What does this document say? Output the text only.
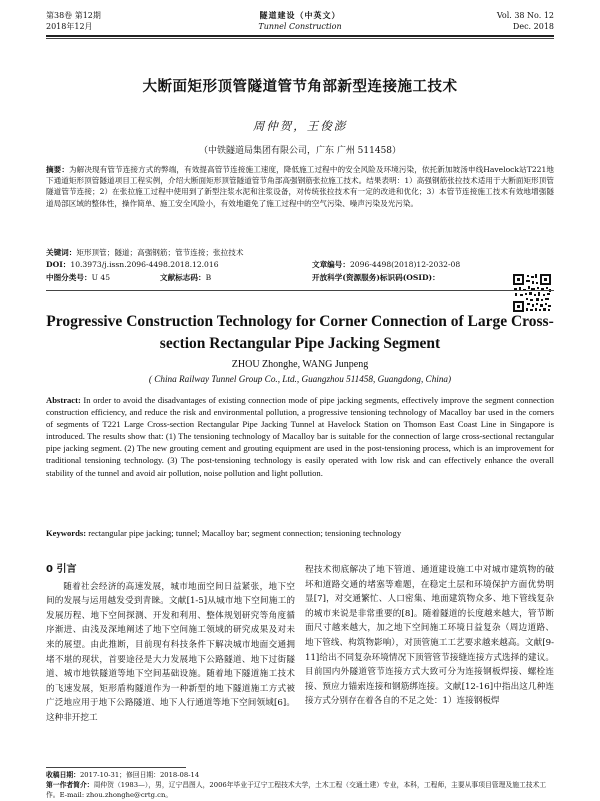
第38卷 第12期
2018年12月
隧道建设（中英文）
Tunnel Construction
Vol. 38 No. 12
Dec. 2018
大断面矩形顶管隧道管节角部新型连接施工技术
周仲贺，王俊澎
（中铁隧道局集团有限公司，广东 广州 511458）
摘要：为解决现有管节连接方式的弊端，有效提高管节连接施工速度，降低施工过程中的安全风险及环境污染，依托新加坡汤申线Havelock站T221地下通道矩形顶管隧道项目工程实例，介绍大断面矩形顶管隧道管节角部高强钢筋张拉施工技术。结果表明：1）高强钢筋张拉技术适用于大断面矩形顶管隧道管节连接；2）在张拉施工过程中使用到了新型注浆水泥和注浆设备，对传统张拉技术有一定的改进和优化；3）本管节连接施工技术有效地增强隧道局部区域的整体性，操作简单、施工安全风险小，有效地避免了施工过程中的空气污染、噪声污染及光污染。
关键词：矩形顶管；隧道；高强钢筋；管节连接；张拉技术
DOI：10.3973/j.issn.2096-4498.2018.12.016	文章编号：2096-4498(2018)12-2032-08
中图分类号：U 45	文献标志码：B	开放科学(资源服务)标识码(OSID)：
Progressive Construction Technology for Corner Connection of Large Cross-section Rectangular Pipe Jacking Segment
ZHOU Zhonghe, WANG Junpeng
( China Railway Tunnel Group Co., Ltd., Guangzhou 511458, Guangdong, China)
Abstract: In order to avoid the disadvantages of existing connection mode of pipe jacking segments, effectively improve the segment connection construction efficiency, and reduce the risk and environmental pollution, a progressive tensioning technology of Macalloy bar used in the corners of segments of T221 Large Cross-section Rectangular Pipe Jacking Tunnel at Havelock Station on Thomson East Coast Line in Singapore is introduced. The results show that: (1) The tensioning technology of Macalloy bar is suitable for the connection of large cross-sectional rectangular pipe jacking segment. (2) The new grouting cement and grouting equipment are used in the post-tensioning process, which is an improvement for traditional tensioning technology. (3) The post-tensioning technology is easily operated with low risk and can effectively enhance the overall stability of the tunnel and avoid air pollution, noise pollution and light pollution.
Keywords: rectangular pipe jacking; tunnel; Macalloy bar; segment connection; tensioning technology
0 引言

随着社会经济的高速发展，城市地面空间日益紧张，地下空间的发展与运用越发受到青睐。文献[1-5]从城市地下空间施工的发展历程、地下空间探测、开发和利用、整体规划研究等角度循序渐进、由浅及深地阐述了地下空间施工领域的研究成果及对未来的展望。由此推断，目前现有科技条件下解决城市地面交通拥堵不堪的现状，首要途径是大力发展地下公路隧道、地下过街隧道、城市地铁隧道等地下空间基础设施。随着地下隧道施工技术的飞速发展，矩形盾构隧道作为一种新型的地下隧道施工方式被广泛地应用于地下公路隧道、地下人行通道等地下空间领域[6]。这种非开挖工

程技术彻底解决了地下管道、通道建设施工中对城市建筑物的破坏和道路交通的堵塞等难题，在稳定土层和环境保护方面优势明显[7]，对交通繁忙、人口密集、地面建筑物众多、地下管线复杂的城市来说是非常重要的[8]。随着隧道的长度越来越大，管节断面尺寸越来越大，加之地下空间施工环境日益复杂（周边道路、地下管线、构筑物影响），对顶管施工工艺要求越来越高。文献[9-11]给出不同复杂环境情况下顶管管节接缝连接方式选择的建议。目前国内外隧道管节连接方式大致可分为连接钢板焊接、螺栓连接、预应力锚索连接和钢筋绑连接。文献[12-16]中指出这几种连接方式分别存在着各自的不足之处：1）连接钢板焊

收稿日期：2017-10-31；修回日期：2018-08-14
第一作者简介：周仲贺（1983—），男，辽宁昌图人，2006年毕业于辽宁工程技术大学，土木工程（交通土建）专业，本科，工程师，主要从事项目管理及施工技术工作。E-mail: zhou.zhonghe@crtg.cn。
